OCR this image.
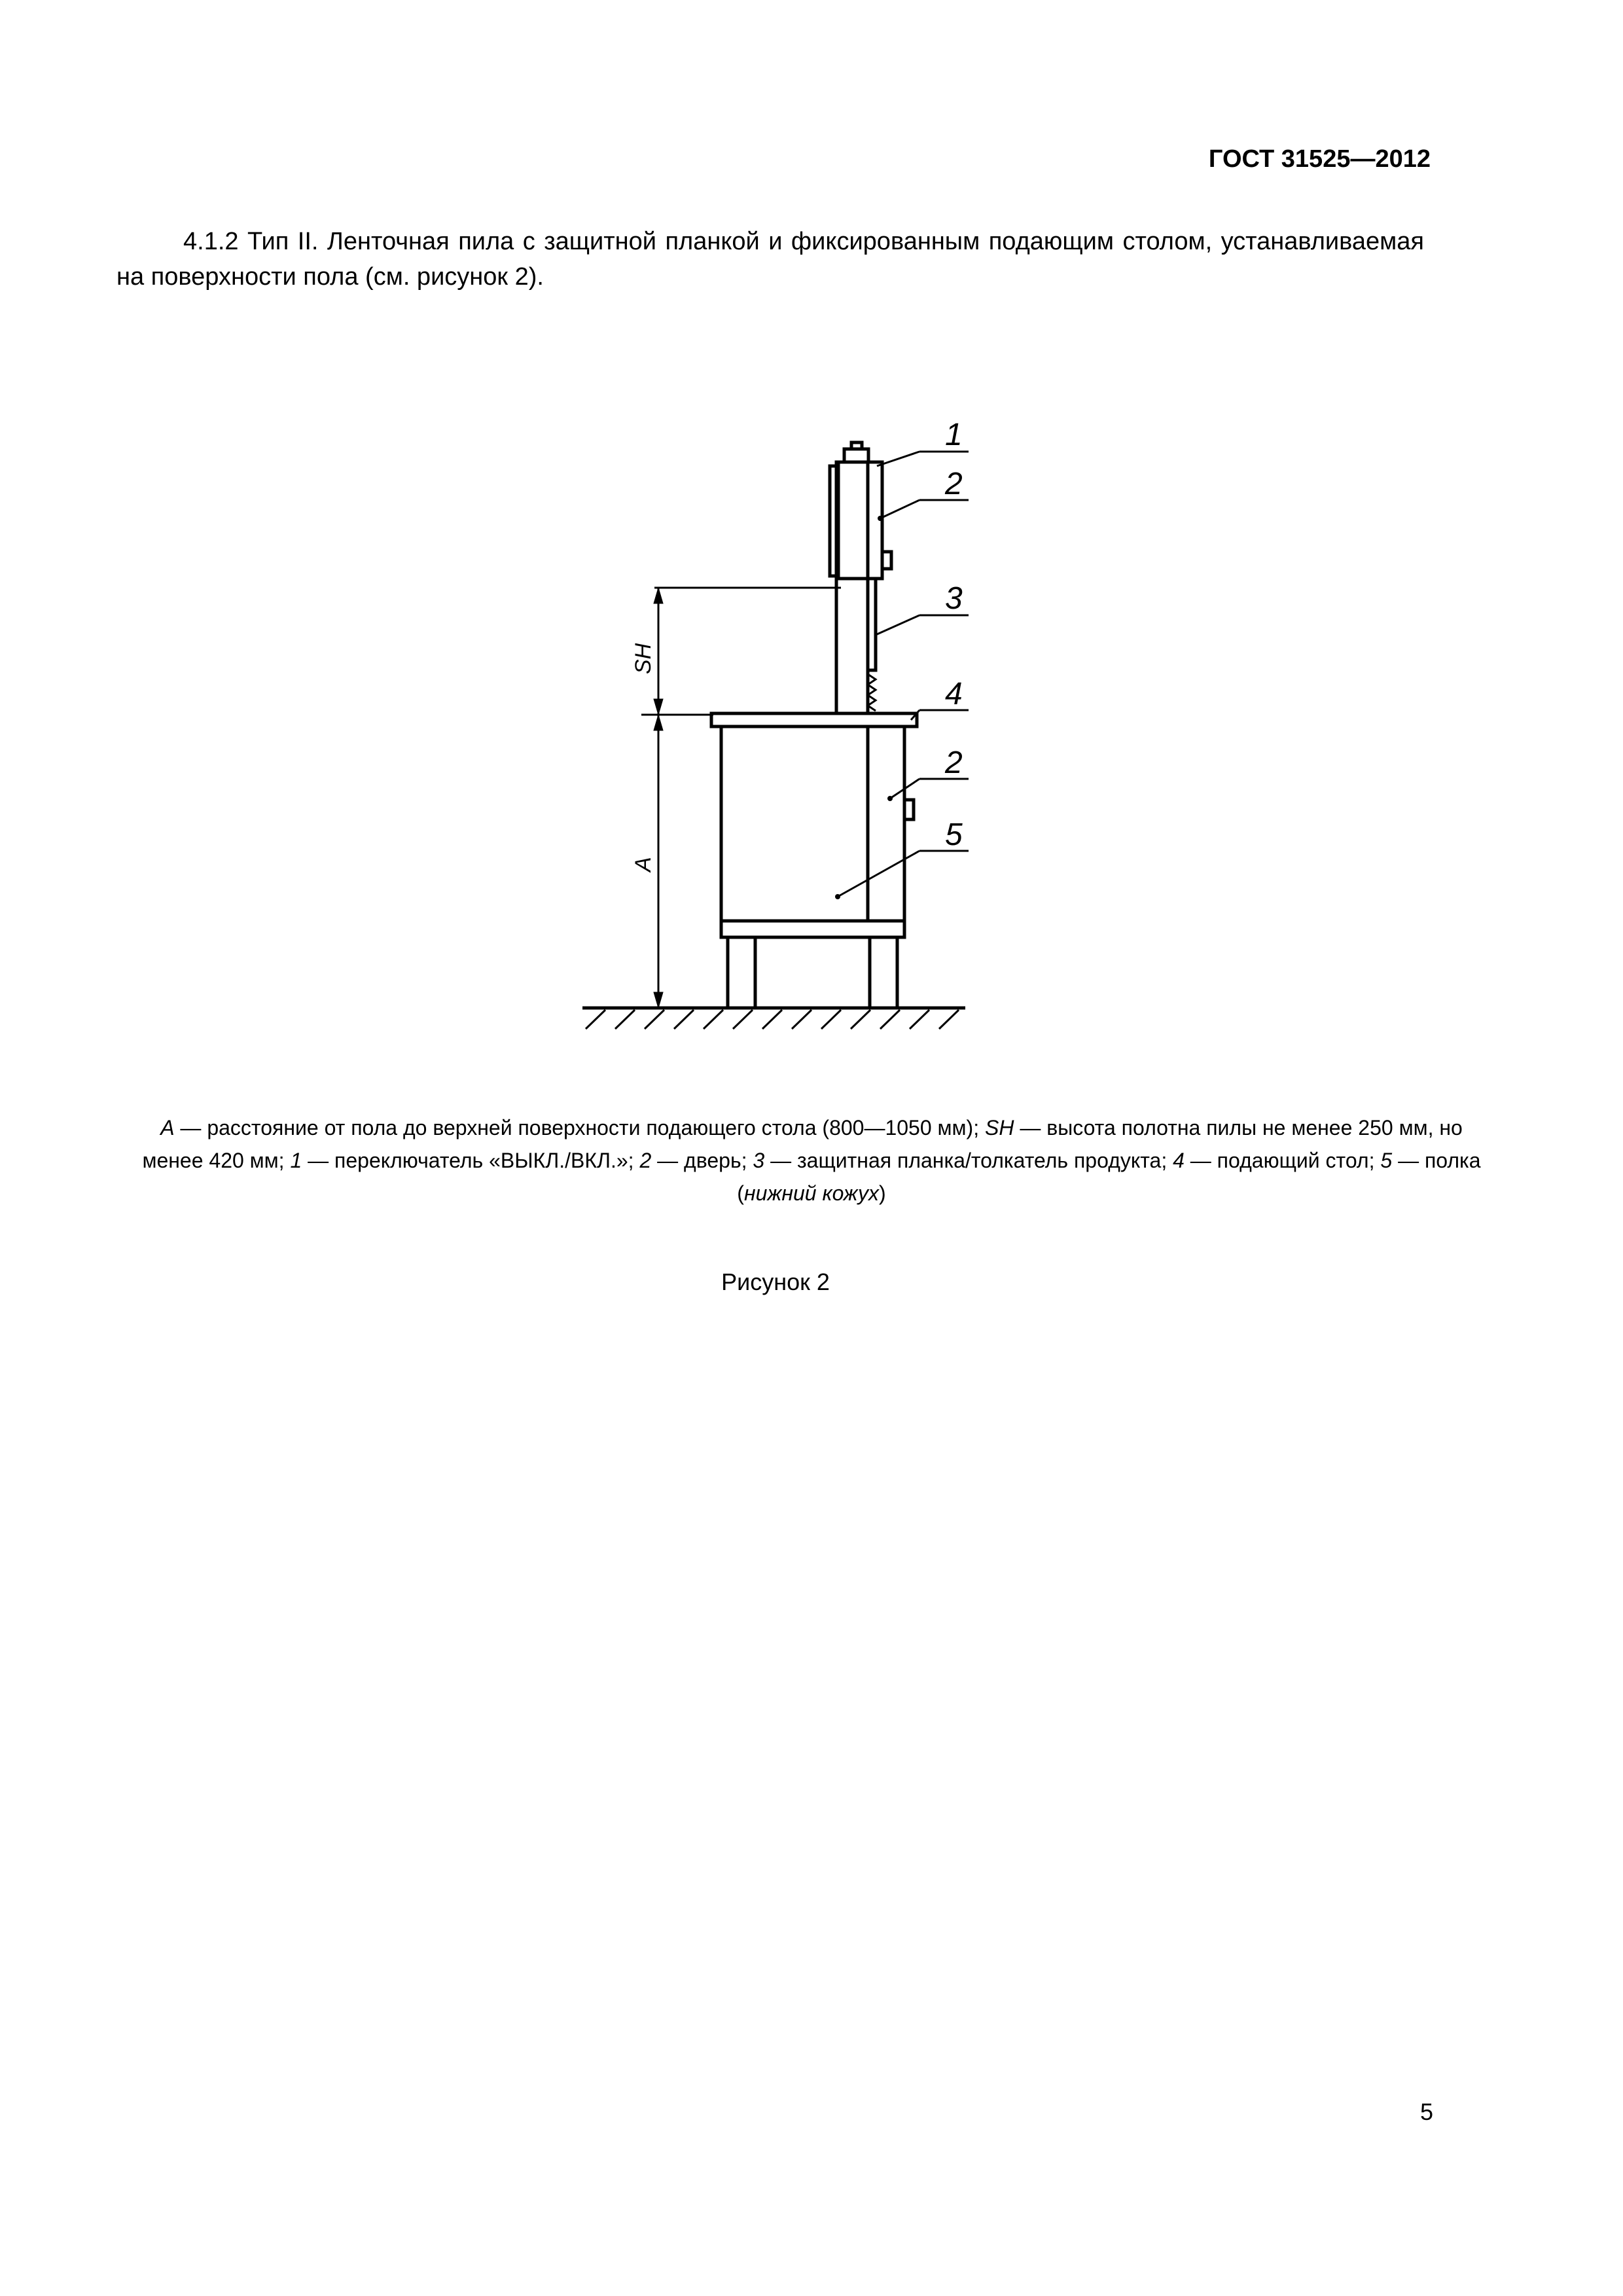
ГОСТ 31525—2012
4.1.2 Тип II. Ленточная пила с защитной планкой и фиксированным подающим столом, устанавливаемая на поверхности пола (см. рисунок 2).
1
2
3
4
2
5
SH
A
A — расстояние от пола до верхней поверхности подающего стола (800—1050 мм); SH — высота полотна пилы не менее 250 мм, но менее 420 мм; 1 — переключатель «ВЫКЛ./ВКЛ.»; 2 — дверь; 3 — защитная планка/толкатель продукта; 4 — подающий стол; 5 — полка (нижний кожух)
Рисунок 2
5
